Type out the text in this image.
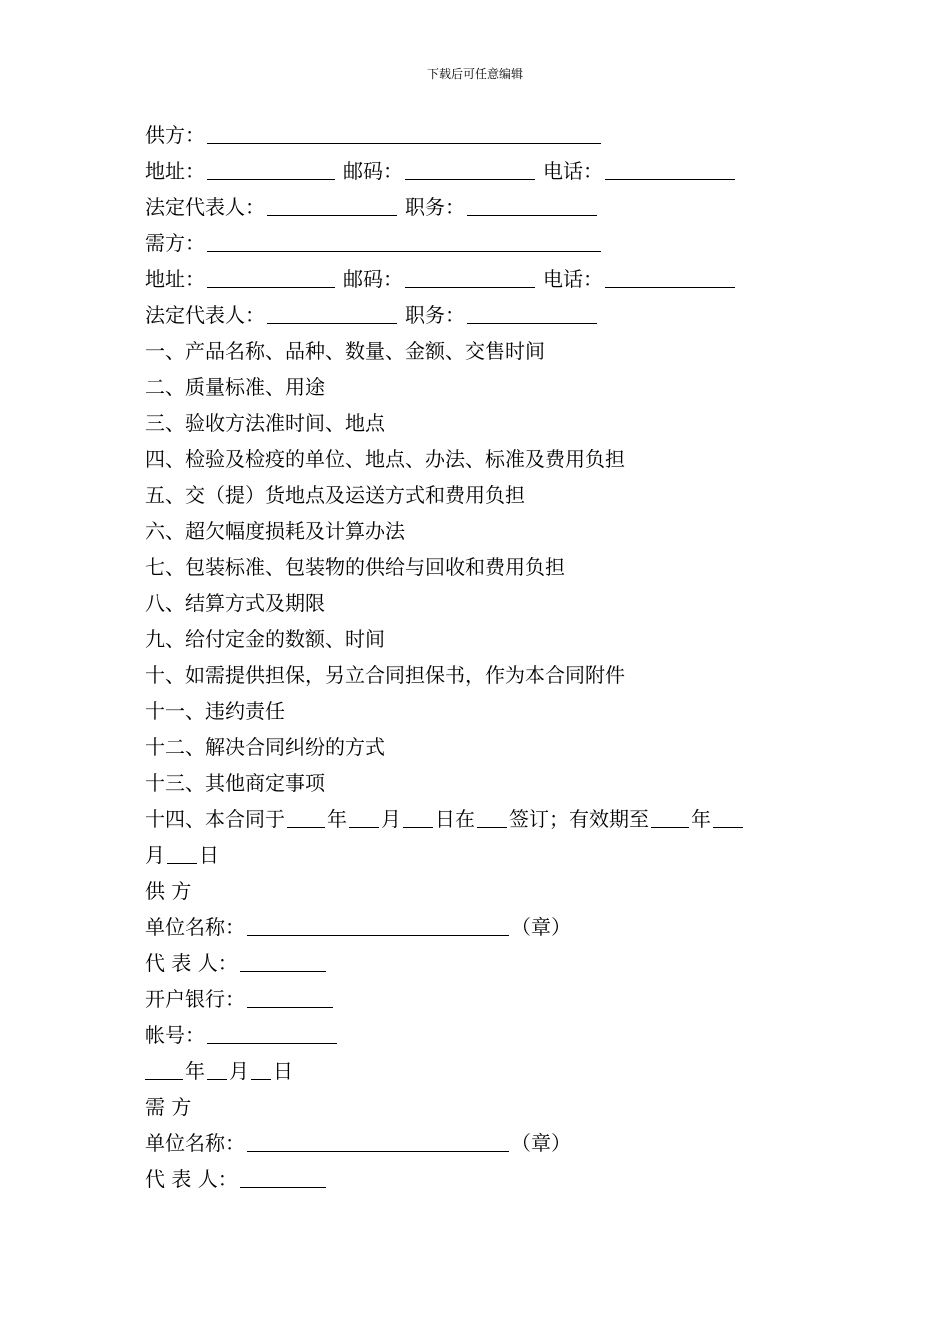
下载后可任意编辑
供方：
地址：	邮码：	电话：
法定代表人：	职务：
需方：
地址：	邮码：	电话：
法定代表人：	职务：
一、产品名称、品种、数量、金额、交售时间
二、质量标准、用途
三、验收方法准时间、地点
四、检验及检疫的单位、地点、办法、标准及费用负担
五、交（提）货地点及运送方式和费用负担
六、超欠幅度损耗及计算办法
七、包装标准、包装物的供给与回收和费用负担
八、结算方式及期限
九、给付定金的数额、时间
十、如需提供担保，另立合同担保书，作为本合同附件
十一、违约责任
十二、解决合同纠纷的方式
十三、其他商定事项
十四、本合同于 年 月 日在 签订；有效期至 年
月 日
供 方
单位名称：	（章）
代 表 人：
开户银行：
帐号：
年 月 日
需 方
单位名称：	（章）
代 表 人：
